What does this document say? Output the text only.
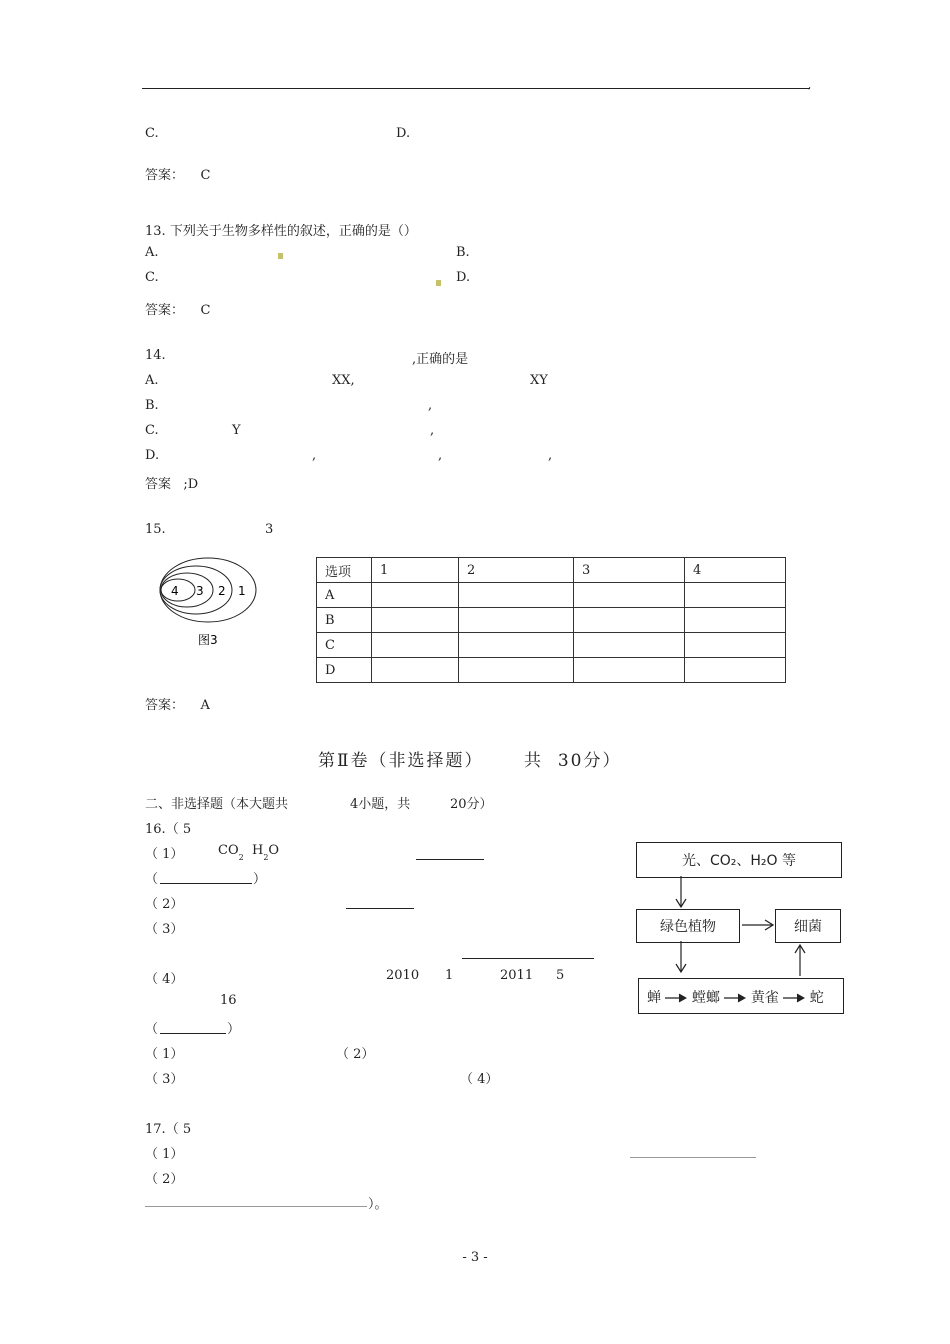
,
C.	D.
答案： C
13. 下列关于生物多样性的叙述，正确的是（）
A.	B.
C.	D.
答案： C
14.	,正确的是
A.	XX,	XY
B.	,
C.	Y	,
D.	,	,	,
答案 ;D
15.	3
4 3 2 1
图3
选项	1	2	3	4
A				
B				
C				
D				
答案： A
第Ⅱ卷（非选择题） 共 30分）
二、非选择题（本大题共	4小题，共	20分）
16.（ 5
（ 1）	$CO_2$ $H_2O$
（	）
（ 2）
（ 3）
（ 4）	2010 1	2011 5
16
（	）
（ 1）	（ 2）
（ 3）	（ 4）
光、CO₂、H₂O 等
绿色植物	细菌
蝉 螳螂 黄雀 蛇
17.（ 5
（ 1）
（ 2）
）。
- 3 -
